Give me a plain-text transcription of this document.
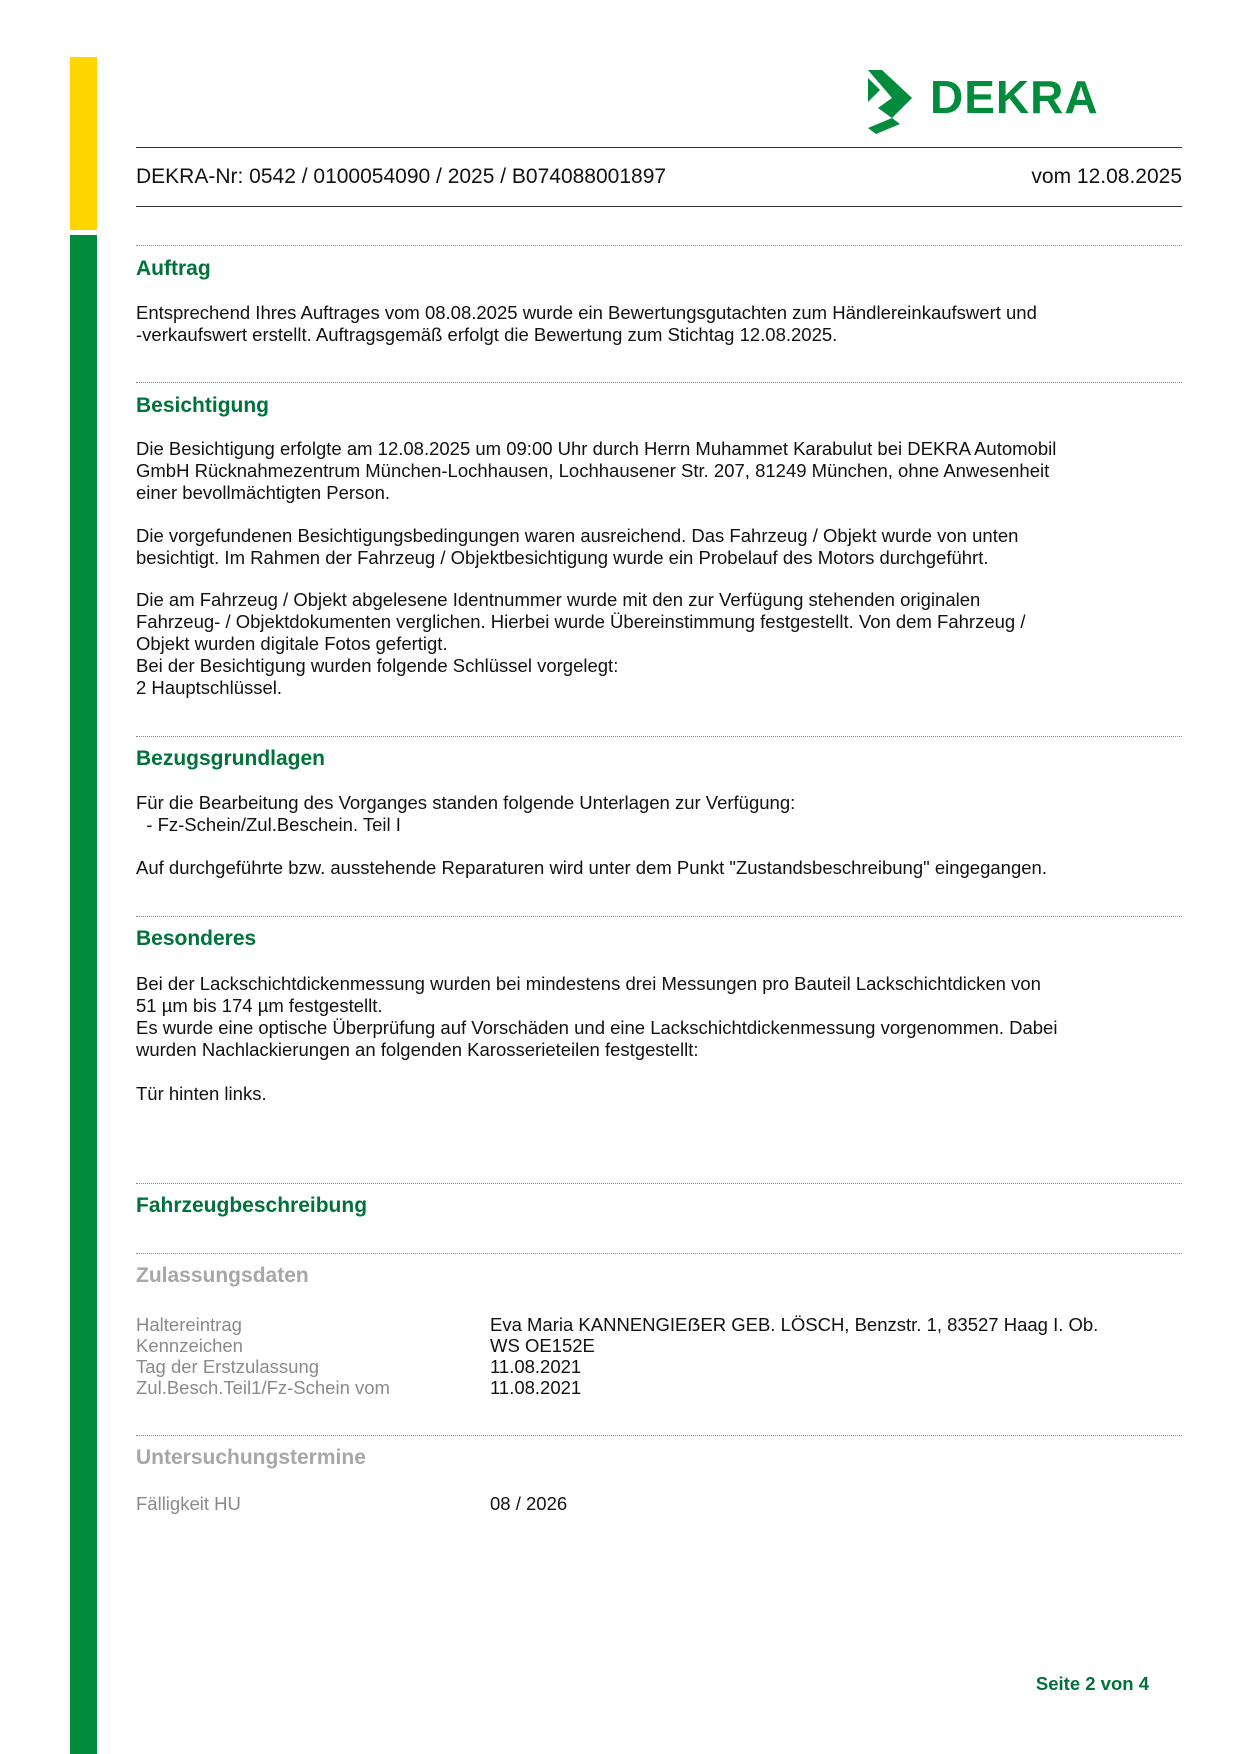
DEKRA
DEKRA-Nr: 0542 / 0100054090 / 2025 / B074088001897	vom 12.08.2025
Auftrag
Entsprechend Ihres Auftrages vom 08.08.2025 wurde ein Bewertungsgutachten zum Händlereinkaufswert und
-verkaufswert erstellt. Auftragsgemäß erfolgt die Bewertung zum Stichtag 12.08.2025.
Besichtigung
Die Besichtigung erfolgte am 12.08.2025 um 09:00 Uhr durch Herrn Muhammet Karabulut bei DEKRA Automobil
GmbH Rücknahmezentrum München-Lochhausen, Lochhausener Str. 207, 81249 München, ohne Anwesenheit
einer bevollmächtigten Person.
Die vorgefundenen Besichtigungsbedingungen waren ausreichend. Das Fahrzeug / Objekt wurde von unten
besichtigt. Im Rahmen der Fahrzeug / Objektbesichtigung wurde ein Probelauf des Motors durchgeführt.
Die am Fahrzeug / Objekt abgelesene Identnummer wurde mit den zur Verfügung stehenden originalen
Fahrzeug- / Objektdokumenten verglichen. Hierbei wurde Übereinstimmung festgestellt. Von dem Fahrzeug /
Objekt wurden digitale Fotos gefertigt.
Bei der Besichtigung wurden folgende Schlüssel vorgelegt:
2 Hauptschlüssel.
Bezugsgrundlagen
Für die Bearbeitung des Vorganges standen folgende Unterlagen zur Verfügung:
- Fz-Schein/Zul.Beschein. Teil I
Auf durchgeführte bzw. ausstehende Reparaturen wird unter dem Punkt "Zustandsbeschreibung" eingegangen.
Besonderes
Bei der Lackschichtdickenmessung wurden bei mindestens drei Messungen pro Bauteil Lackschichtdicken von
51 µm bis 174 µm festgestellt.
Es wurde eine optische Überprüfung auf Vorschäden und eine Lackschichtdickenmessung vorgenommen. Dabei
wurden Nachlackierungen an folgenden Karosserieteilen festgestellt:
Tür hinten links.
Fahrzeugbeschreibung
Zulassungsdaten
Haltereintrag	Eva Maria KANNENGIEẞER GEB. LÖSCH, Benzstr. 1, 83527 Haag I. Ob.
Kennzeichen	WS OE152E
Tag der Erstzulassung	11.08.2021
Zul.Besch.Teil1/Fz-Schein vom	11.08.2021
Untersuchungstermine
Fälligkeit HU	08 / 2026
Seite 2 von 4
